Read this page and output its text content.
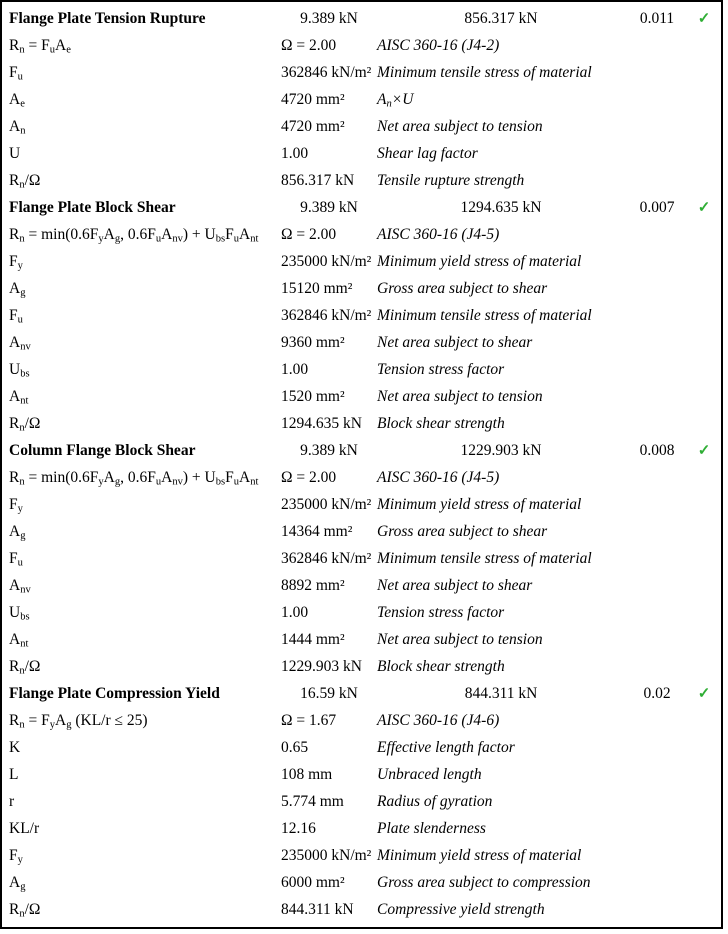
Flange Plate Tension Rupture	9.389 kN	856.317 kN	0.011	✓
$R_n = F_uA_e$	Ω = 2.00	AISC 360-16 (J4-2)
$F_u$	362846 kN/m² Minimum tensile stress of material
$A_e$	4720 mm²	$A_n\times U$
$A_n$	4720 mm²	Net area subject to tension
U	1.00	Shear lag factor
$R_n/\Omega$	856.317 kN	Tensile rupture strength
Flange Plate Block Shear	9.389 kN	1294.635 kN	0.007	✓
$R_n = \min(0.6F_yA_g$, $0.6F_uA_{nv}) + U_{bs}F_uA_{nt}$	Ω = 2.00	AISC 360-16 (J4-5)
$F_y$	235000 kN/m² Minimum yield stress of material
$A_g$	15120 mm²	Gross area subject to shear
$F_u$	362846 kN/m² Minimum tensile stress of material
$A_{nv}$	9360 mm²	Net area subject to shear
$U_{bs}$	1.00	Tension stress factor
$A_{nt}$	1520 mm²	Net area subject to tension
$R_n/\Omega$	1294.635 kN Block shear strength
Column Flange Block Shear	9.389 kN	1229.903 kN	0.008	✓
$R_n = \min(0.6F_yA_g$, $0.6F_uA_{nv}) + U_{bs}F_uA_{nt}$	Ω = 2.00	AISC 360-16 (J4-5)
$F_y$	235000 kN/m² Minimum yield stress of material
$A_g$	14364 mm²	Gross area subject to shear
$F_u$	362846 kN/m² Minimum tensile stress of material
$A_{nv}$	8892 mm²	Net area subject to shear
$U_{bs}$	1.00	Tension stress factor
$A_{nt}$	1444 mm²	Net area subject to tension
$R_n/\Omega$	1229.903 kN Block shear strength
Flange Plate Compression Yield	16.59 kN	844.311 kN	0.02	✓
$R_n = F_yA_g$ (KL/r ≤ 25)	Ω = 1.67	AISC 360-16 (J4-6)
K	0.65	Effective length factor
L	108 mm	Unbraced length
r	5.774 mm	Radius of gyration
KL/r	12.16	Plate slenderness
$F_y$	235000 kN/m² Minimum yield stress of material
$A_g$	6000 mm²	Gross area subject to compression
$R_n/\Omega$	844.311 kN	Compressive yield strength
